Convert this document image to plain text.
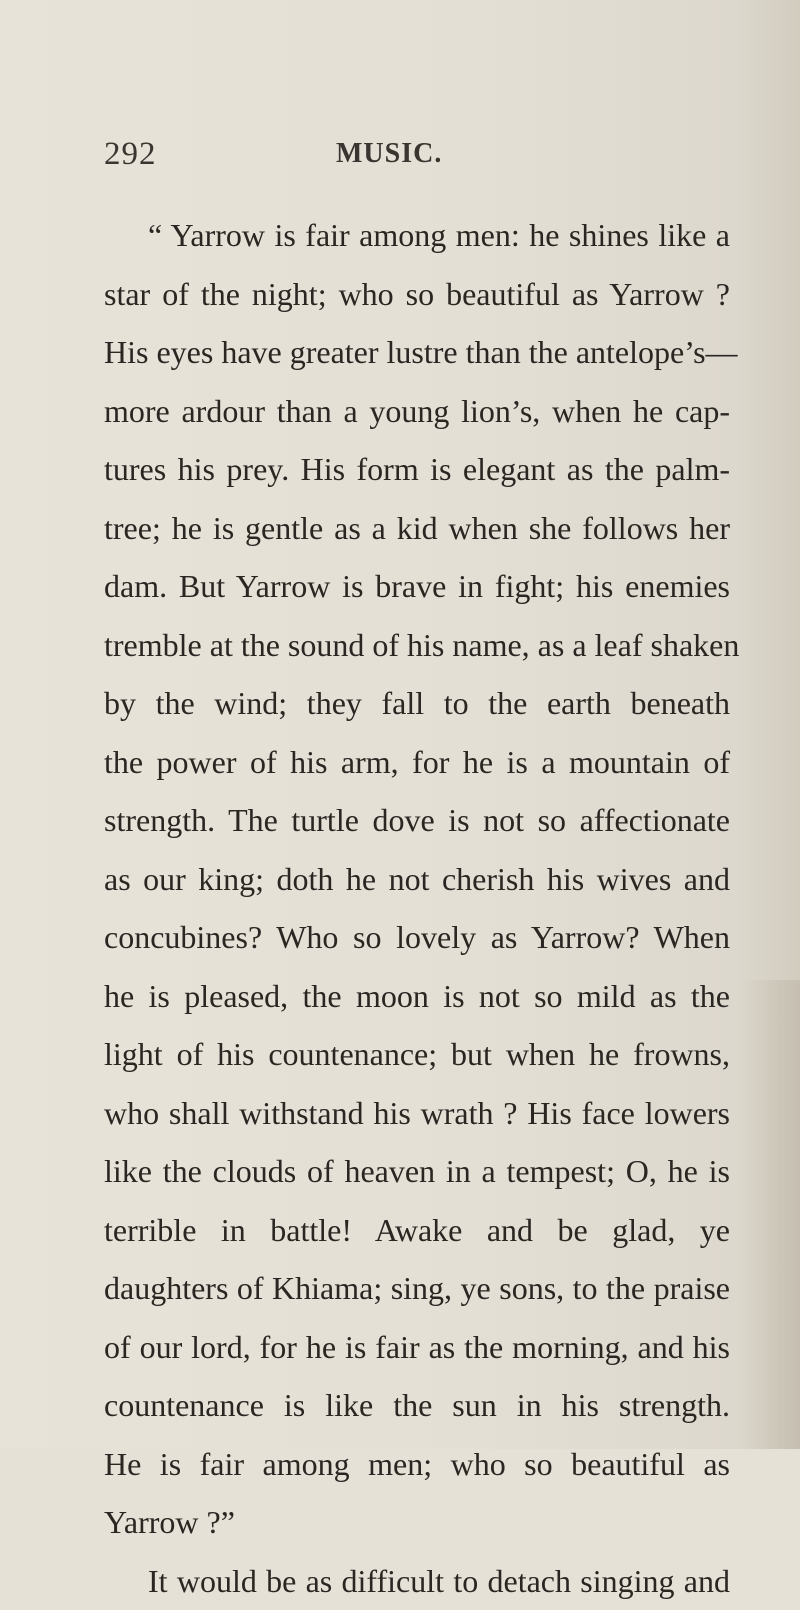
292	MUSIC.
“ Yarrow is fair among men: he shines like a
star of the night; who so beautiful as Yarrow ?
His eyes have greater lustre than the antelope’s—
more ardour than a young lion’s, when he cap-
tures his prey. His form is elegant as the palm-
tree; he is gentle as a kid when she follows her
dam. But Yarrow is brave in fight; his enemies
tremble at the sound of his name, as a leaf shaken
by the wind; they fall to the earth beneath
the power of his arm, for he is a mountain of
strength. The turtle dove is not so affectionate
as our king; doth he not cherish his wives and
concubines? Who so lovely as Yarrow? When
he is pleased, the moon is not so mild as the
light of his countenance; but when he frowns,
who shall withstand his wrath ? His face lowers
like the clouds of heaven in a tempest; O, he is
terrible in battle! Awake and be glad, ye
daughters of Khiama; sing, ye sons, to the praise
of our lord, for he is fair as the morning, and his
countenance is like the sun in his strength.
He is fair among men; who so beautiful as
Yarrow ?”
It would be as difficult to detach singing and
